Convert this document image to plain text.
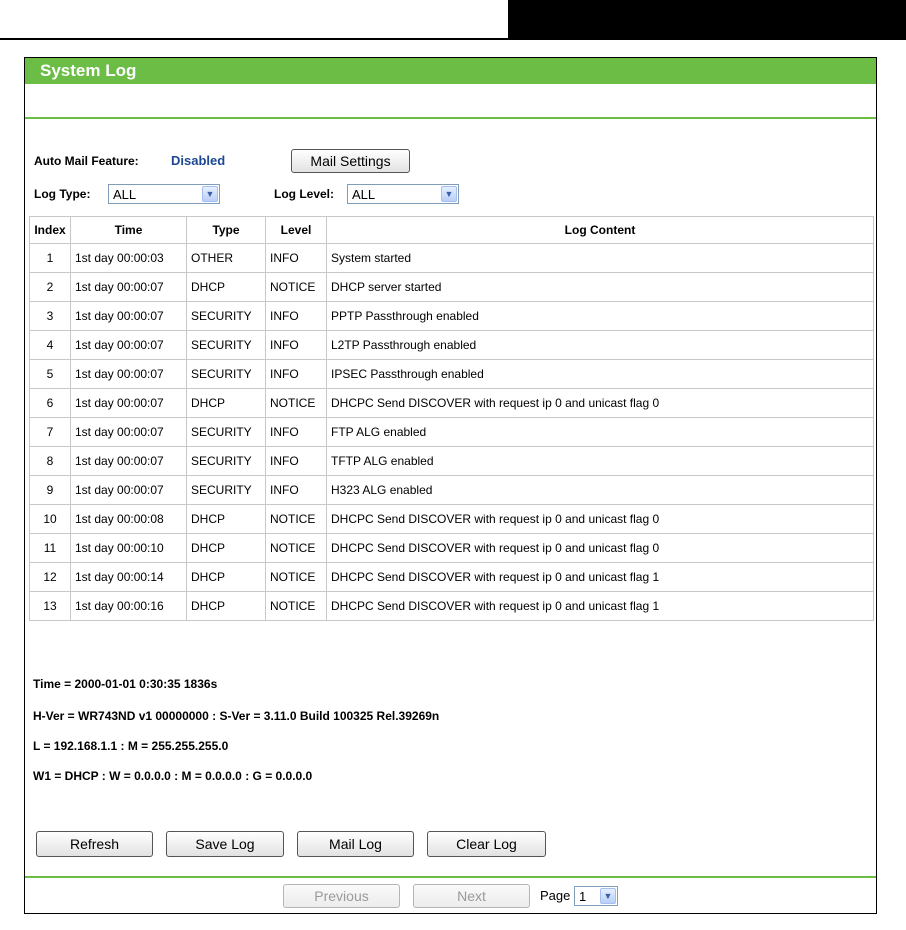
System Log
Auto Mail Feature: Disabled	Mail Settings
Log Type: ALL	▼	Log Level: ALL	▼
Index	Time	Type	Level	Log Content
1	1st day 00:00:03	OTHER	INFO	System started
2	1st day 00:00:07	DHCP	NOTICE	DHCP server started
3	1st day 00:00:07	SECURITY	INFO	PPTP Passthrough enabled
4	1st day 00:00:07	SECURITY	INFO	L2TP Passthrough enabled
5	1st day 00:00:07	SECURITY	INFO	IPSEC Passthrough enabled
6	1st day 00:00:07	DHCP	NOTICE	DHCPC Send DISCOVER with request ip 0 and unicast flag 0
7	1st day 00:00:07	SECURITY	INFO	FTP ALG enabled
8	1st day 00:00:07	SECURITY	INFO	TFTP ALG enabled
9	1st day 00:00:07	SECURITY	INFO	H323 ALG enabled
10	1st day 00:00:08	DHCP	NOTICE	DHCPC Send DISCOVER with request ip 0 and unicast flag 0
11	1st day 00:00:10	DHCP	NOTICE	DHCPC Send DISCOVER with request ip 0 and unicast flag 0
12	1st day 00:00:14	DHCP	NOTICE	DHCPC Send DISCOVER with request ip 0 and unicast flag 1
13	1st day 00:00:16	DHCP	NOTICE	DHCPC Send DISCOVER with request ip 0 and unicast flag 1
Time = 2000-01-01 0:30:35 1836s
H-Ver = WR743ND v1 00000000 : S-Ver = 3.11.0 Build 100325 Rel.39269n
L = 192.168.1.1 : M = 255.255.255.0
W1 = DHCP : W = 0.0.0.0 : M = 0.0.0.0 : G = 0.0.0.0
Refresh	Save Log	Mail Log	Clear Log
Previous	Next	Page 1	▼
